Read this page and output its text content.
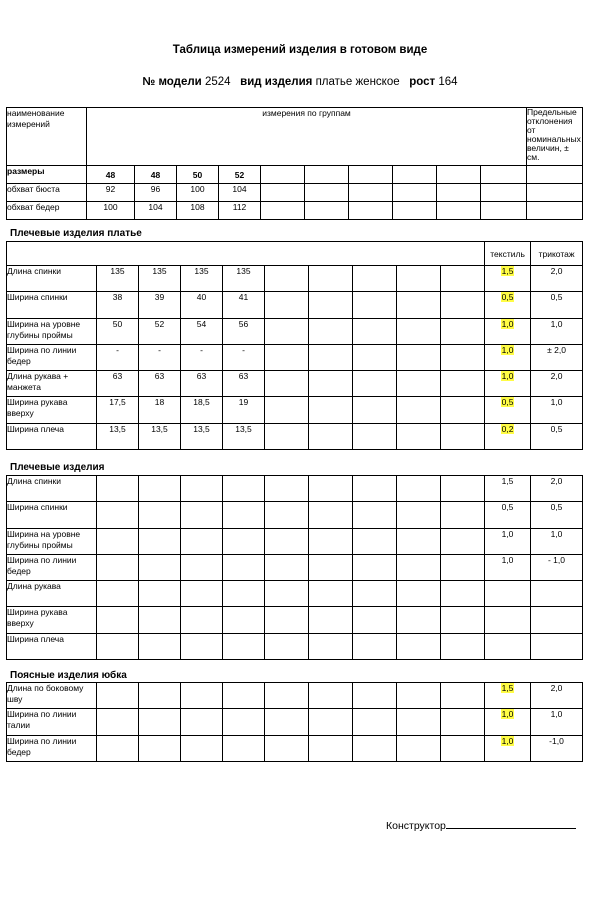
Таблица измерений изделия в готовом виде
№ модели 2524 вид изделия платье женское рост 164
наименование измерений	измерения по группам										Предельные отклонения от номинальных величин, ± см.
размеры	48	48	50	52							
обхват бюста	92	96	100	104							
обхват бедер	100	104	108	112							
Плечевые изделия платье
										текстиль	трикотаж
Длина спинки	135	135	135	135						1,5	2,0
Ширина спинки	38	39	40	41						0,5	0,5
Ширина на уровне глубины проймы	50	52	54	56						1,0	1,0
Ширина по линии бедер	-	-	-	-						1,0	± 2,0
Длина рукава + манжета	63	63	63	63						1,0	2,0
Ширина рукава вверху	17,5	18	18,5	19						0,5	1,0
Ширина плеча	13,5	13,5	13,5	13,5						0,2	0,5
Плечевые изделия
Длина спинки										1,5	2,0
Ширина спинки										0,5	0,5
Ширина на уровне глубины проймы										1,0	1,0
Ширина по линии бедер										1,0	- 1,0
Длина рукава											
Ширина рукава вверху											
Ширина плеча											
Поясные изделия юбка
Длина по боковому шву										1,5	2,0
Ширина по линии талии										1,0	1,0
Ширина по линии бедер										1,0	-1,0
Конструктор
